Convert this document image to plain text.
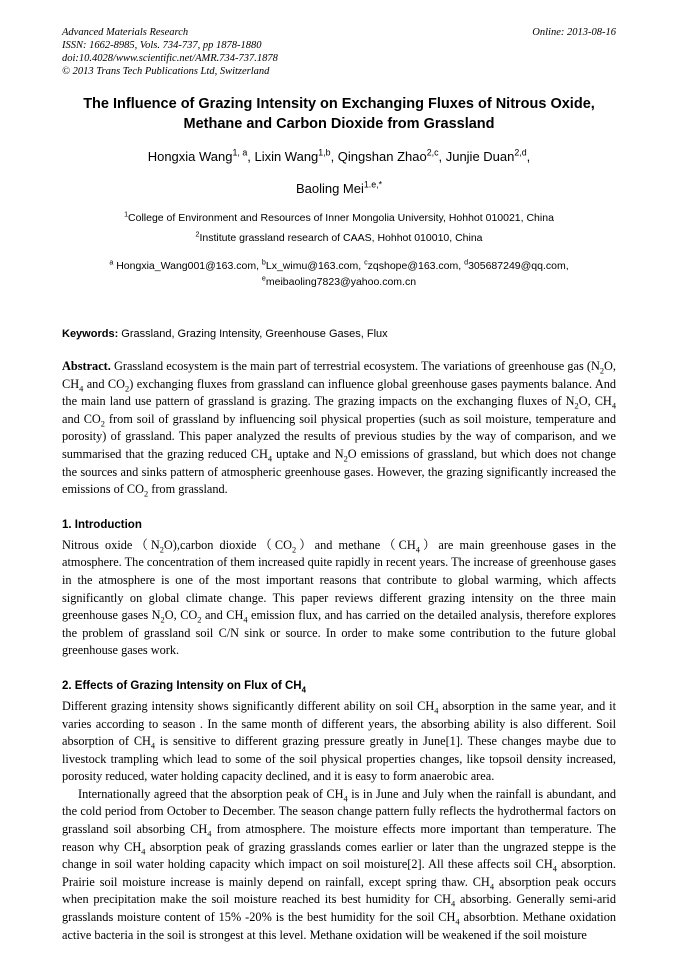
Advanced Materials Research	Online: 2013-08-16
ISSN: 1662-8985, Vols. 734-737, pp 1878-1880
doi:10.4028/www.scientific.net/AMR.734-737.1878
© 2013 Trans Tech Publications Ltd, Switzerland
The Influence of Grazing Intensity on Exchanging Fluxes of Nitrous Oxide, Methane and Carbon Dioxide from Grassland
Hongxia Wang$^{1, a}$, Lixin Wang$^{1,b}$, Qingshan Zhao$^{2,c}$, Junjie Duan$^{2,d}$,
Baoling Mei$^{1.e,*}$
$^1$College of Environment and Resources of Inner Mongolia University, Hohhot 010021, China
$^2$Institute grassland research of CAAS, Hohhot 010010, China
$^a$ Hongxia_Wang001@163.com, $^b$Lx_wimu@163.com, $^c$zqshope@163.com, $^d$305687249@qq.com,
$^e$meibaoling7823@yahoo.com.cn
Keywords: Grassland, Grazing Intensity, Greenhouse Gases, Flux
Abstract. Grassland ecosystem is the main part of terrestrial ecosystem. The variations of greenhouse gas ($N_2O$, $CH_4$ and $CO_2$) exchanging fluxes from grassland can influence global greenhouse gases payments balance. And the main land use pattern of grassland is grazing. The grazing impacts on the exchanging fluxes of $N_2O$, $CH_4$ and $CO_2$ from soil of grassland by influencing soil physical properties (such as soil moisture, temperature and porosity) of grassland. This paper analyzed the results of previous studies by the way of comparison, and we summarised that the grazing reduced $CH_4$ uptake and $N_2O$ emissions of grassland, but which does not change the sources and sinks pattern of atmospheric greenhouse gases. However, the grazing significantly increased the emissions of $CO_2$ from grassland.
1. Introduction

Nitrous $oxide(N_2O),carbon$ $dioxide(CO_2)and$ $methane(CH_4)are$ main greenhouse gases in the atmosphere. The concentration of them increased quite rapidly in recent years. The increase of greenhouse gases in the atmosphere is one of the most important reasons that contribute to global warming, which affects significantly on global climate change. This paper reviews different grazing intensity on the three main greenhouse gases $N_2O$, $CO_2$ and $CH_4$ emission flux, and has carried on the detailed analysis, therefore explores the problem of grassland soil C/N sink or source. In order to make some contribution to the future global greenhouse gases work.

2. Effects of Grazing Intensity on Flux of $CH_4$

Different grazing intensity shows significantly different ability on soil $CH_4$ absorption in the same year, and it varies according to season . In the same month of different years, the absorbing ability is also different. Soil absorption of $CH_4$ is sensitive to different grazing pressure greatly in June[1]. These changes maybe due to livestock trampling which lead to some of the soil physical properties changes, like topsoil density increased, porosity reduced, water holding capacity declined, and it is easy to form anaerobic area.

Internationally agreed that the absorption peak of $CH_4$ is in June and July when the rainfall is abundant, and the cold period from October to December. The season change pattern fully reflects the hydrothermal factors on grassland soil absorbing $CH_4$ from atmosphere. The moisture effects more important than temperature. The reason why $CH_4$ absorption peak of grazing grasslands comes earlier or later than the ungrazed steppe is the change in soil water holding capacity which impact on soil moisture[2]. All these affects soil $CH_4$ absorption. Prairie soil moisture increase is mainly depend on rainfall, except spring thaw. $CH_4$ absorption peak occurs when precipitation make the soil moisture reached its best humidity for $CH_4$ absorbing. Generally semi-arid grasslands moisture content of 15% -20% is the best humidity for the soil $CH_4$ absorbtion. Methane oxidation active bacteria in the soil is strongest at this level. Methane oxidation will be weakened if the soil moisture
